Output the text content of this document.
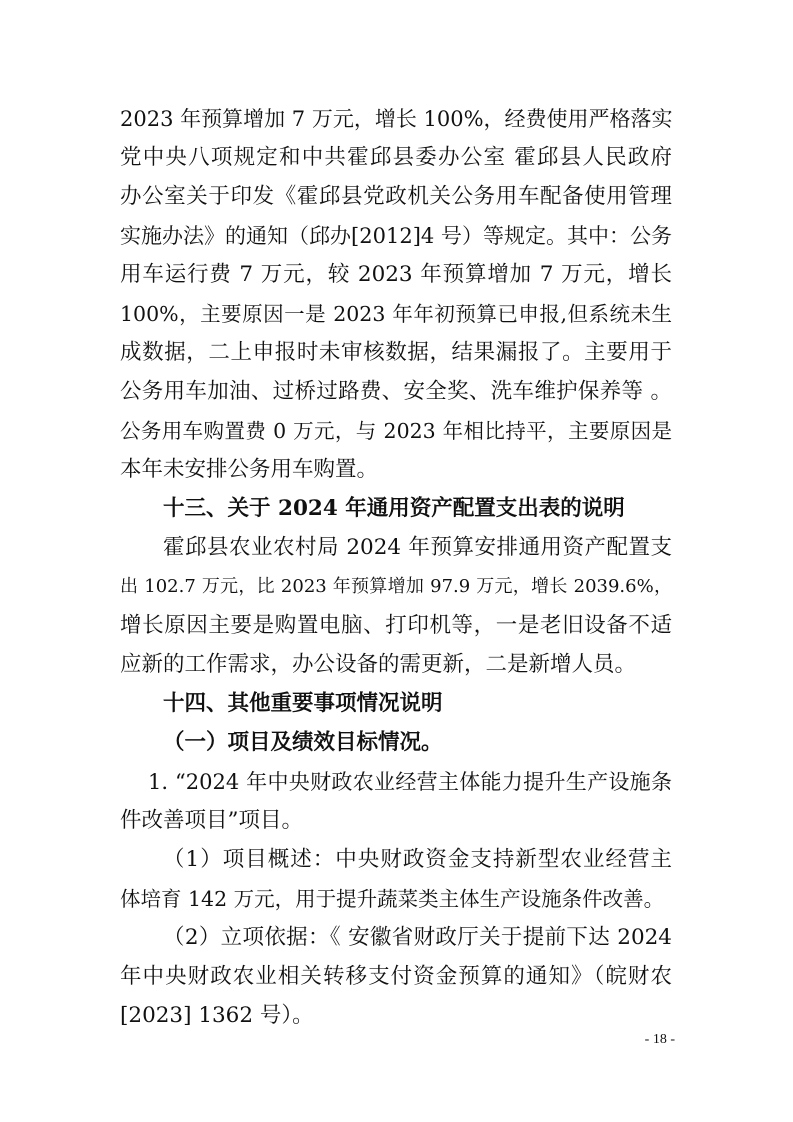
2023 年预算增加 7 万元，增长 100%，经费使用严格落实
党中央八项规定和中共霍邱县委办公室 霍邱县人民政府
办公室关于印发《霍邱县党政机关公务用车配备使用管理
实施办法》的通知（邱办[2012]4 号）等规定。其中：公务
用车运行费 7 万元，较 2023 年预算增加 7 万元，增长
100%，主要原因一是 2023 年年初预算已申报,但系统未生
成数据，二上申报时未审核数据，结果漏报了。主要用于
公务用车加油、过桥过路费、安全奖、洗车维护保养等 。
公务用车购置费 0 万元，与 2023 年相比持平，主要原因是
本年未安排公务用车购置。
十三、关于 2024 年通用资产配置支出表的说明
霍邱县农业农村局 2024 年预算安排通用资产配置支
出 102.7 万元，比 2023 年预算增加 97.9 万元，增长 2039.6%，
增长原因主要是购置电脑、打印机等，一是老旧设备不适
应新的工作需求，办公设备的需更新，二是新增人员。
十四、其他重要事项情况说明
（一）项目及绩效目标情况。
1. “2024 年中央财政农业经营主体能力提升生产设施条
件改善项目”项目。
（1）项目概述：中央财政资金支持新型农业经营主
体培育 142 万元，用于提升蔬菜类主体生产设施条件改善。
（2）立项依据：《 安徽省财政厅关于提前下达 2024
年中央财政农业相关转移支付资金预算的通知》（皖财农
[2023] 1362 号）。
- 18 -
